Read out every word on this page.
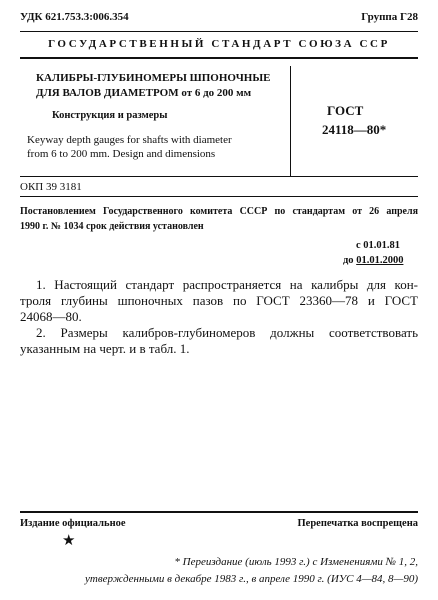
УДК 621.753.3:006.354	Группа Г28
ГОСУДАРСТВЕННЫЙ СТАНДАРТ СОЮЗА ССР
КАЛИБРЫ-ГЛУБИНОМЕРЫ ШПОНОЧНЫЕ
ДЛЯ ВАЛОВ ДИАМЕТРОМ от 6 до 200 мм
Конструкция и размеры
Keyway depth gauges for shafts with diameter
from 6 to 200 mm. Design and dimensions
ГОСТ
24118—80*
ОКП 39 3181
Постановлением Государственного комитета СССР по стандартам от 26 апреля
1990 г. № 1034 срок действия установлен
с 01.01.81
до 01.01.2000
1. Настоящий стандарт распространяется на калибры для кон-
троля глубины шпоночных пазов по ГОСТ 23360—78 и ГОСТ
24068—80.
2. Размеры калибров-глубиномеров должны соответствовать
указанным на черт. и в табл. 1.
Издание официальное	Перепечатка воспрещена
★
* Переиздание (июль 1993 г.) с Изменениями № 1, 2,
утвержденными в декабре 1983 г., в апреле 1990 г. (ИУС 4—84, 8—90)
